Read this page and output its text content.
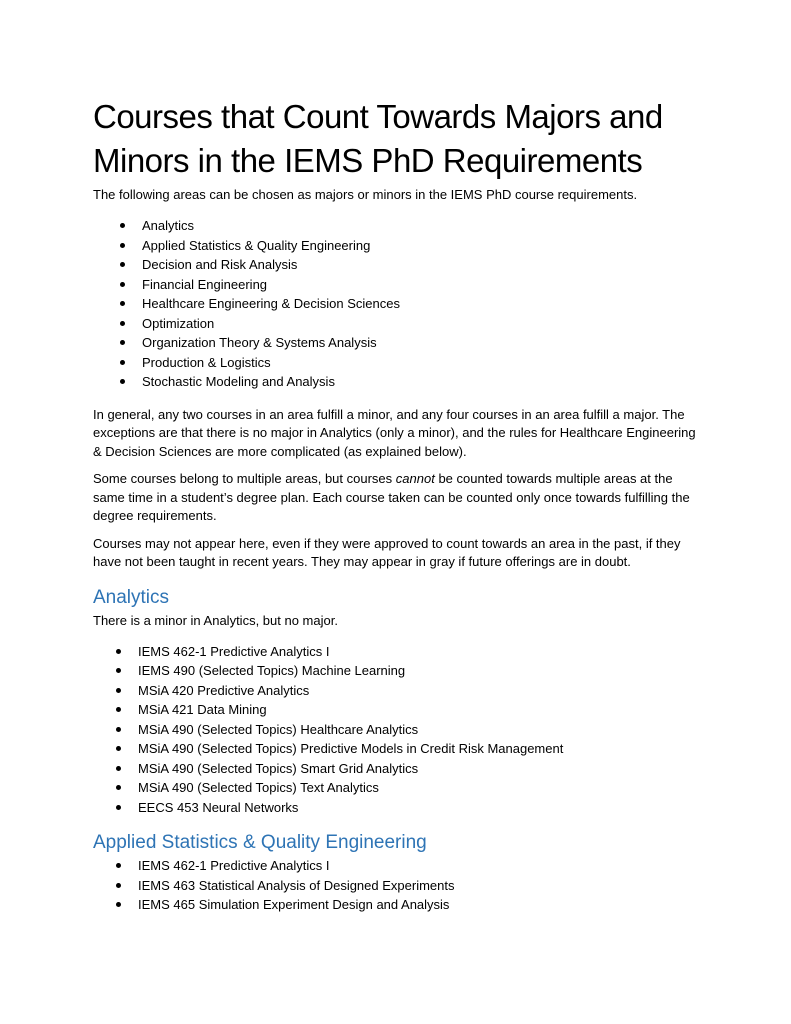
Courses that Count Towards Majors and
Minors in the IEMS PhD Requirements
The following areas can be chosen as majors or minors in the IEMS PhD course requirements.
Analytics
Applied Statistics & Quality Engineering
Decision and Risk Analysis
Financial Engineering
Healthcare Engineering & Decision Sciences
Optimization
Organization Theory & Systems Analysis
Production & Logistics
Stochastic Modeling and Analysis

In general, any two courses in an area fulfill a minor, and any four courses in an area fulfill a major. The exceptions are that there is no major in Analytics (only a minor), and the rules for Healthcare Engineering & Decision Sciences are more complicated (as explained below).

Some courses belong to multiple areas, but courses cannot be counted towards multiple areas at the same time in a student’s degree plan. Each course taken can be counted only once towards fulfilling the degree requirements.

Courses may not appear here, even if they were approved to count towards an area in the past, if they have not been taught in recent years. They may appear in gray if future offerings are in doubt.

Analytics
There is a minor in Analytics, but no major.
IEMS 462-1 Predictive Analytics I
IEMS 490 (Selected Topics) Machine Learning
MSiA 420 Predictive Analytics
MSiA 421 Data Mining
MSiA 490 (Selected Topics) Healthcare Analytics
MSiA 490 (Selected Topics) Predictive Models in Credit Risk Management
MSiA 490 (Selected Topics) Smart Grid Analytics
MSiA 490 (Selected Topics) Text Analytics
EECS 453 Neural Networks
Applied Statistics & Quality Engineering
IEMS 462-1 Predictive Analytics I
IEMS 463 Statistical Analysis of Designed Experiments
IEMS 465 Simulation Experiment Design and Analysis
